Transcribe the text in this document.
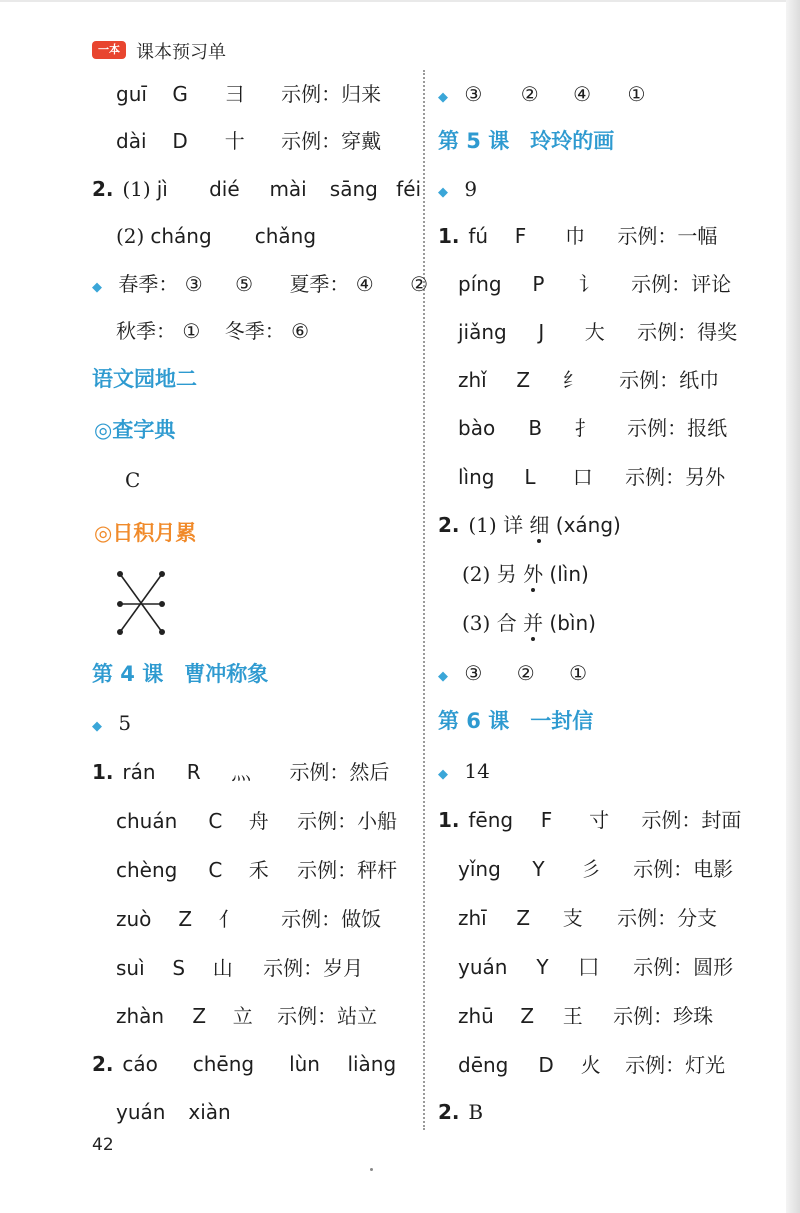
一本 课本预习单
guī G 彐 示例：归来
dài D 十 示例：穿戴
2. (1) jì dié mài sāng féi
(2) cháng chǎng
◆ 春季： ③ ⑤ 夏季： ④ ②
秋季： ① 冬季： ⑥
语文园地二
◎查字典
C
◎日积月累
第 4 课　曹冲称象
◆ 5
1. rán R 灬 示例：然后
chuán C 舟 示例：小船
chèng C 禾 示例：秤杆
zuò Z 亻 示例：做饭
suì S 山 示例：岁月
zhàn Z 立 示例：站立
2. cáo chēng lùn liàng
yuán xiàn
42
◆ ③ ② ④ ①
第 5 课　玲玲的画
◆ 9
1. fú F 巾 示例：一幅
píng P 讠 示例：评论
jiǎng J 大 示例：得奖
zhǐ Z 纟 示例：纸巾
bào B 扌 示例：报纸
lìng L 口 示例：另外
2. (1) 详 细 (xáng)
(2) 另 外 (lìn)
(3) 合 并 (bìn)
◆ ③ ② ①
第 6 课　一封信
◆ 14
1. fēng F 寸 示例：封面
yǐng Y 彡 示例：电影
zhī Z 支 示例：分支
yuán Y 囗 示例：圆形
zhū Z 王 示例：珍珠
dēng D 火 示例：灯光
2. B
